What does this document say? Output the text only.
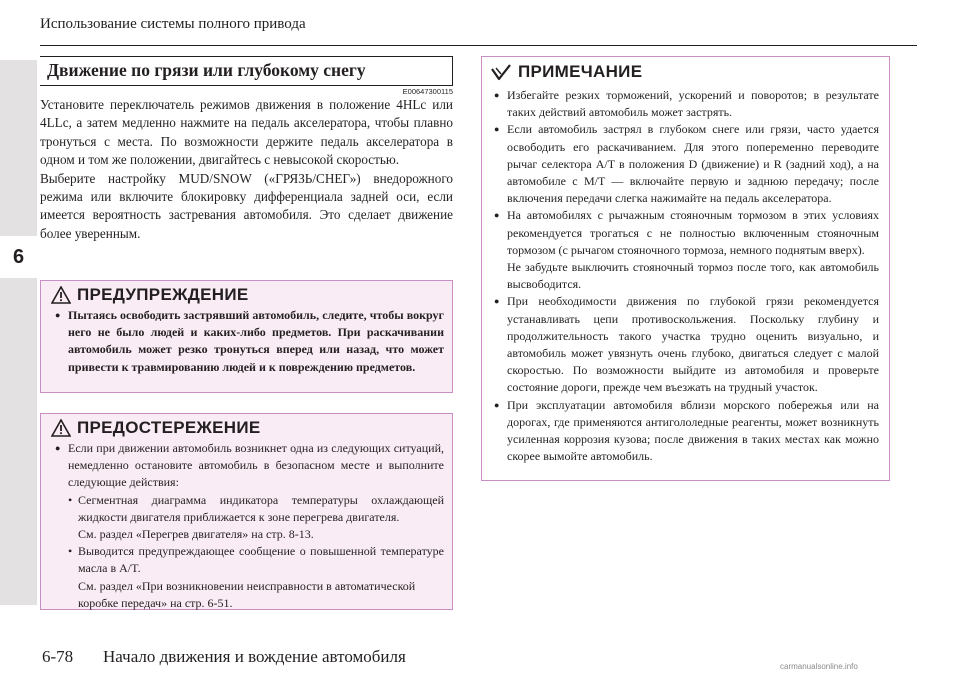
6
Использование системы полного привода
Движение по грязи или глубокому снегу
E00647300115

Установите переключатель режимов движения в положение 4HLc или 4LLc, а затем медленно нажмите на педаль акселератора, чтобы плавно тронуться с места. По возможности держите педаль акселератора в одном и том же положении, двигайтесь с невысокой скоростью.

Выберите настройку MUD/SNOW («ГРЯЗЬ/СНЕГ») внедорожного режима или включите блокировку дифференциала задней оси, если имеется вероятность застревания автомобиля. Это сделает движение более уверенным.

ПРЕДУПРЕЖДЕНИЕ
● Пытаясь освободить застрявший автомобиль, следите, чтобы вокруг него не было людей и каких-либо предметов. При раскачивании автомобиль может резко тронуться вперед или назад, что может привести к травмированию людей и к повреждению предметов.
ПРЕДОСТЕРЕЖЕНИЕ
● Если при движении автомобиль возникнет одна из следующих ситуаций, немедленно остановите автомобиль в безопасном месте и выполните следующие действия:
• Сегментная диаграмма индикатора температуры охлаждающей жидкости двигателя приближается к зоне перегрева двигателя.
См. раздел «Перегрев двигателя» на стр. 8-13.
• Выводится предупреждающее сообщение о повышенной температуре масла в A/T.
См. раздел «При возникновении неисправности в автоматической коробке передач» на стр. 6-51.
ПРИМЕЧАНИЕ
● Избегайте резких торможений, ускорений и поворотов; в результате таких действий автомобиль может застрять.
● Если автомобиль застрял в глубоком снеге или грязи, часто удается освободить его раскачиванием. Для этого попеременно переводите рычаг селектора A/T в положения D (движение) и R (задний ход), а на автомобиле с M/T — включайте первую и заднюю передачу; после включения передачи слегка нажимайте на педаль акселератора.
● На автомобилях с рычажным стояночным тормозом в этих условиях рекомендуется трогаться с не полностью включенным стояночным тормозом (с рычагом стояночного тормоза, немного поднятым вверх).
Не забудьте выключить стояночный тормоз после того, как автомобиль высвободится.
● При необходимости движения по глубокой грязи рекомендуется устанавливать цепи противоскольжения. Поскольку глубину и продолжительность такого участка трудно оценить визуально, и автомобиль может увязнуть очень глубоко, двигаться следует с малой скоростью. По возможности выйдите из автомобиля и проверьте состояние дороги, прежде чем въезжать на трудный участок.
● При эксплуатации автомобиля вблизи морского побережья или на дорогах, где применяются антигололедные реагенты, может возникнуть усиленная коррозия кузова; после движения в таких местах как можно скорее вымойте автомобиль.
6-78 Начало движения и вождение автомобиля
carmanualsonline.info
